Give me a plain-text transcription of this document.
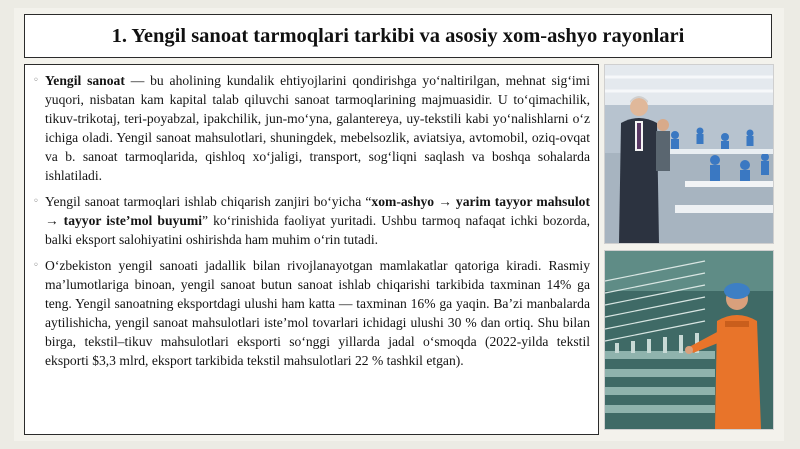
1. Yengil sanoat tarmoqlari tarkibi va asosiy xom-ashyo rayonlari
◦ Yengil sanoat — bu aholining kundalik ehtiyojlarini qondirishga yo‘naltirilgan, mehnat sig‘imi yuqori, nisbatan kam kapital talab qiluvchi sanoat tarmoqlarining majmuasidir. U to‘qimachilik, tikuv-trikotaj, teri-poyabzal, ipakchilik, jun-mo‘yna, galantereya, uy-tekstili kabi yo‘nalishlarni o‘z ichiga oladi. Yengil sanoat mahsulotlari, shuningdek, mebelsozlik, aviatsiya, avtomobil, oziq-ovqat va b. sanoat tarmoqlarida, qishloq xo‘jaligi, transport, sog‘liqni saqlash va boshqa sohalarda ishlatiladi.
◦ Yengil sanoat tarmoqlari ishlab chiqarish zanjiri bo‘yicha “xom-ashyo → yarim tayyor mahsulot → tayyor iste’mol buyumi” ko‘rinishida faoliyat yuritadi. Ushbu tarmoq nafaqat ichki bozorda, balki eksport salohiyatini oshirishda ham muhim o‘rin tutadi.
◦ O‘zbekiston yengil sanoati jadallik bilan rivojlanayotgan mamlakatlar qatoriga kiradi. Rasmiy ma’lumotlariga binoan, yengil sanoat butun sanoat ishlab chiqarishi tarkibida taxminan 14% ga teng. Yengil sanoatning eksportdagi ulushi ham katta — taxminan 16% ga yaqin. Ba’zi manbalarda aytilishicha, yengil sanoat mahsulotlari iste’mol tovarlari ichidagi ulushi 30 % dan ortiq. Shu bilan birga, tekstil–tikuv mahsulotlari eksporti so‘nggi yillarda jadal o‘smoqda (2022-yilda tekstil eksporti $3,3 mlrd, eksport tarkibida tekstil mahsulotlari 22 % tashkil etgan).
